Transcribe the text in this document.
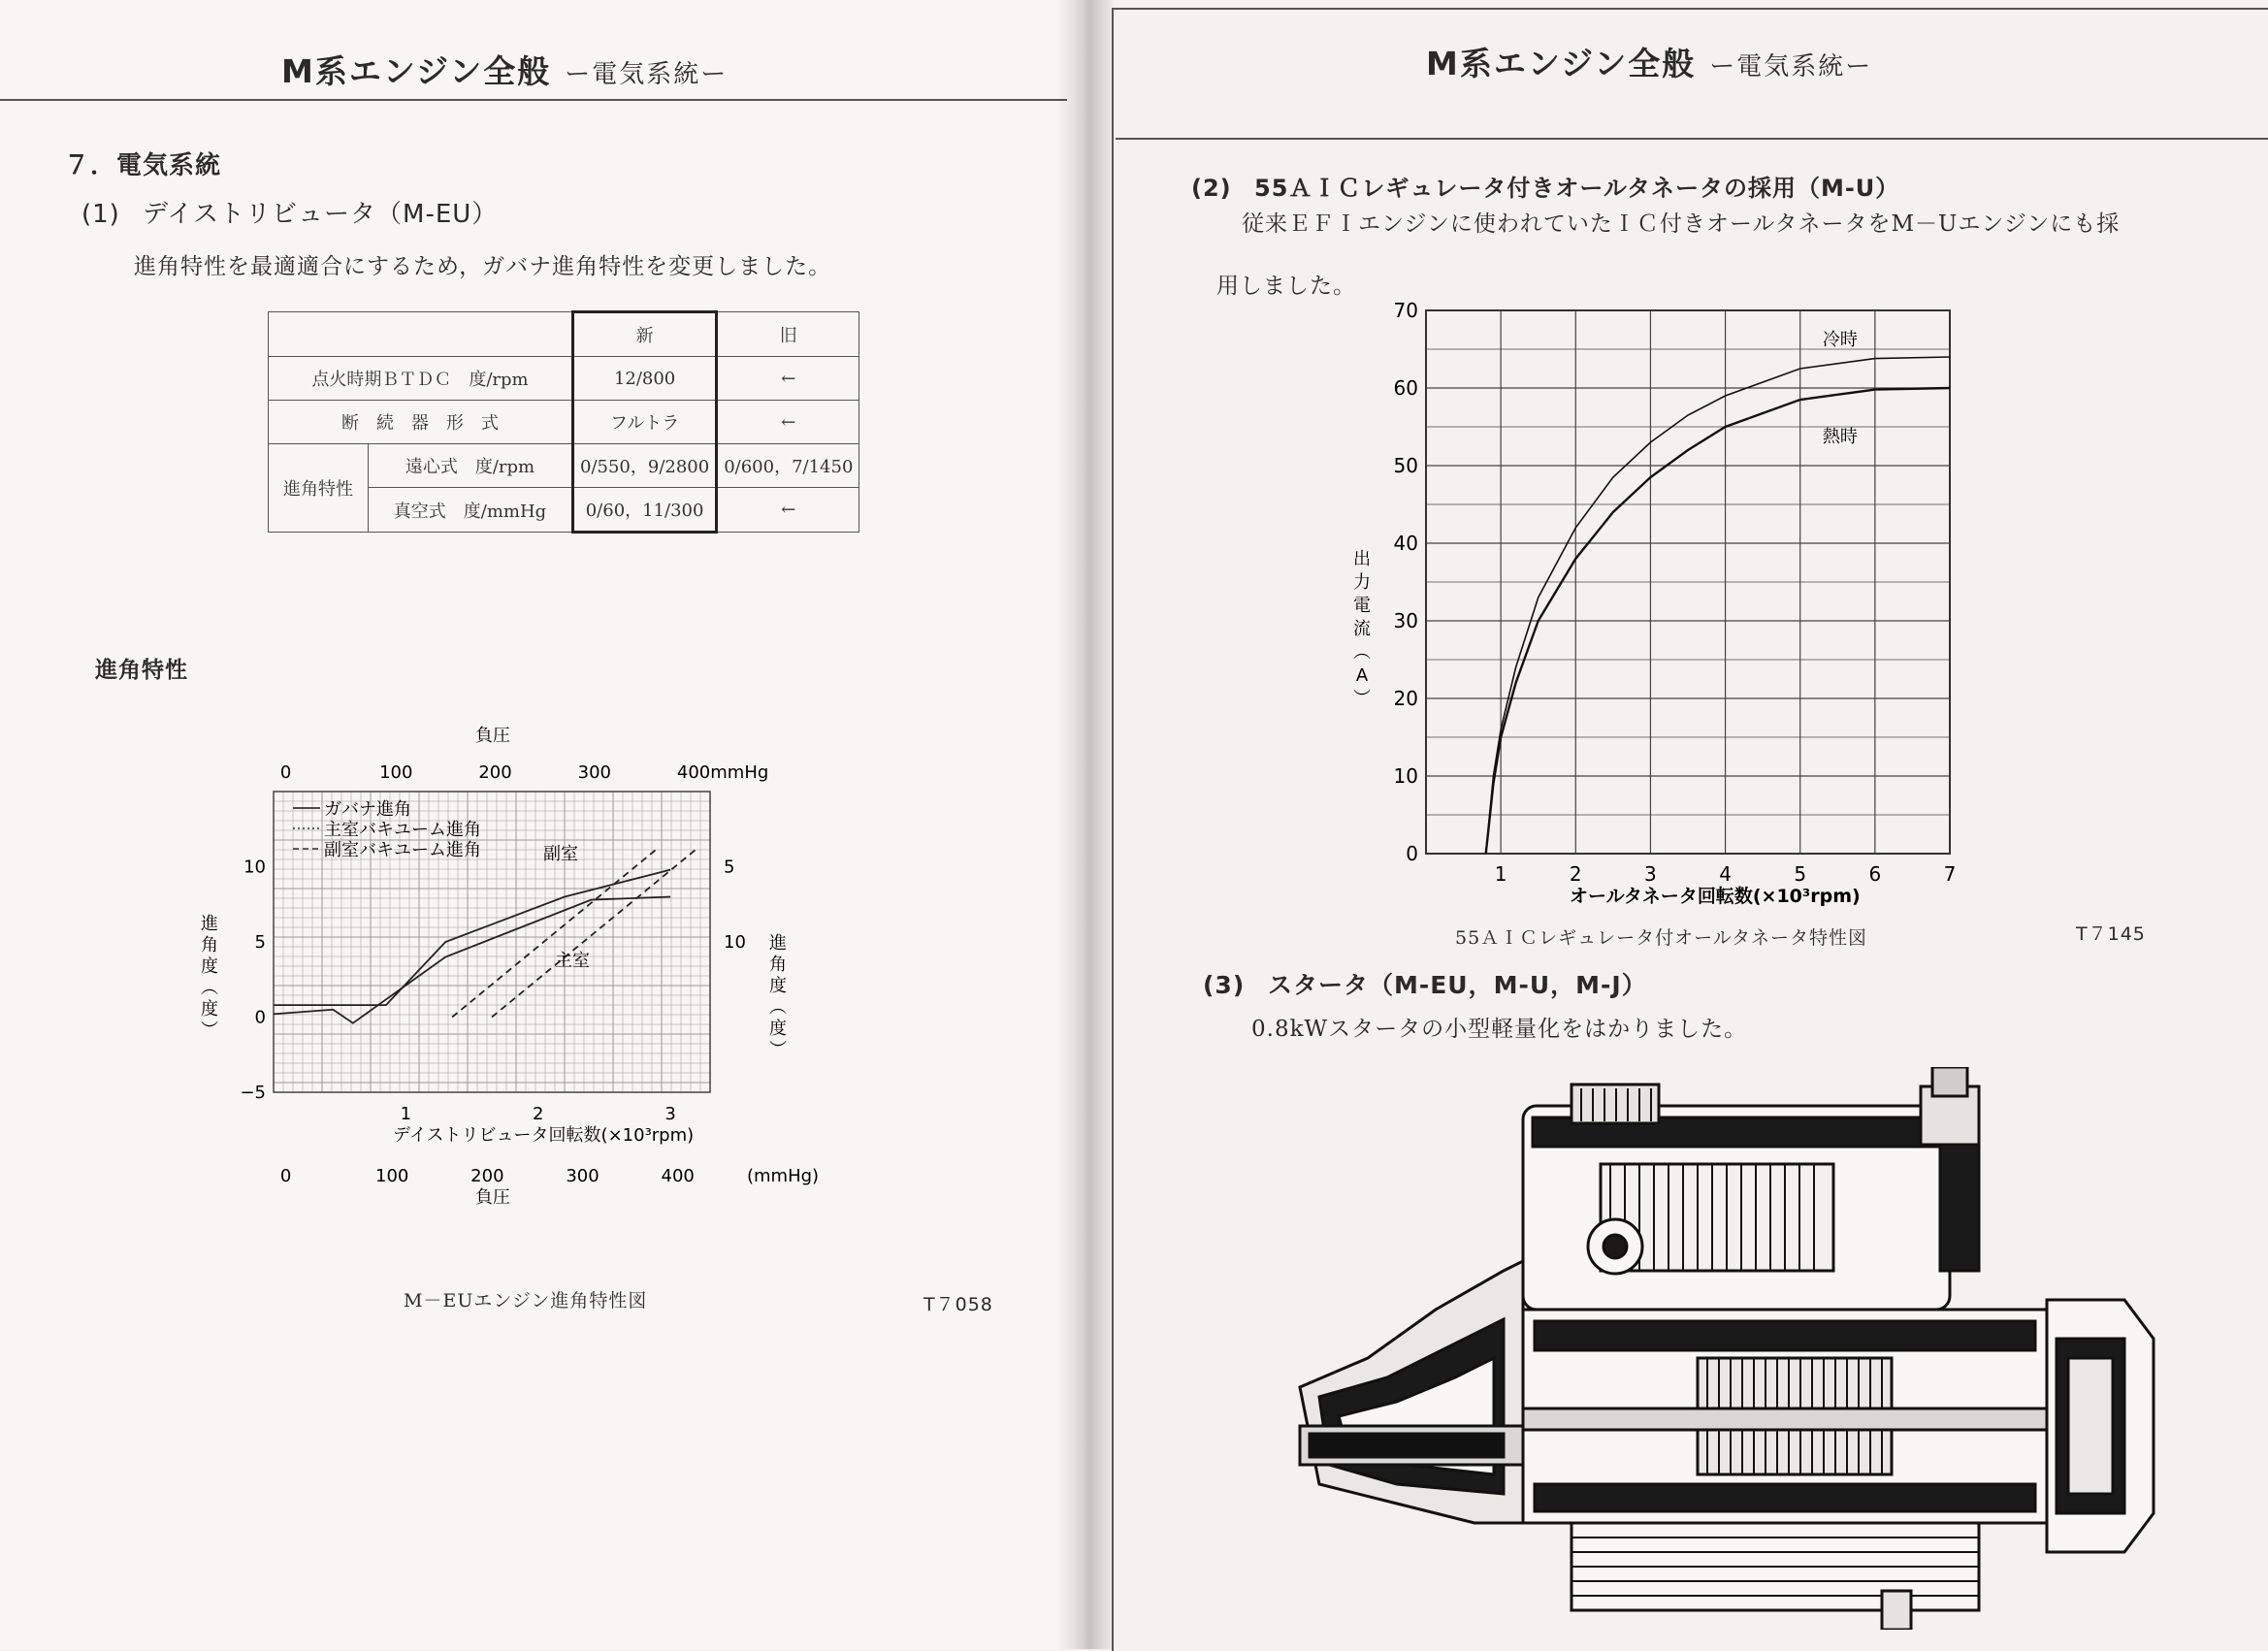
M系エンジン全般 ー電気系統ー
７．電気系統
(1) デイストリビュータ（M-EU）
進角特性を最適適合にするため，ガバナ進角特性を変更しました。
		新	旧
点火時期ＢＴＤＣ　度/rpm		12/800	←
断　続　器　形　式		フルトラ	←
進角特性	遠心式　度/rpm	0/550，9/2800	0/600，7/1450
	真空式　度/mmHg	0/60，11/300	←
進角特性
1	2	3
10
5
0
−5
5
10
0	100	200	300	400mmHg
0	100	200	300	400
ガバナ進角
主室バキユーム進角
副室バキユーム進角	副室
主室
負圧
デイストリビュータ回転数(×10³rpm)
負圧
(mmHg)
進
角
度
︵
度
︶
進
角
度
︵
度
︶
M－EUエンジン進角特性図	T７058
M系エンジン全般 ー電気系統ー
(2) 55ＡＩＣレギュレータ付きオールタネータの採用（M-U）
従来ＥＦＩエンジンに使われていたＩＣ付きオールタネータをM－Uエンジンにも採
用しました。
冷時
熱時
1	2	3	4	5	6	7
0
10
20
30
40
50
60
70
オールタネータ回転数(×10³rpm)
出
力
電
流
︵
A
︶
55ＡＩＣレギュレータ付オールタネータ特性図	T７145
(3) スタータ（M-EU，M-U，M-J）
0.8kWスタータの小型軽量化をはかりました。
